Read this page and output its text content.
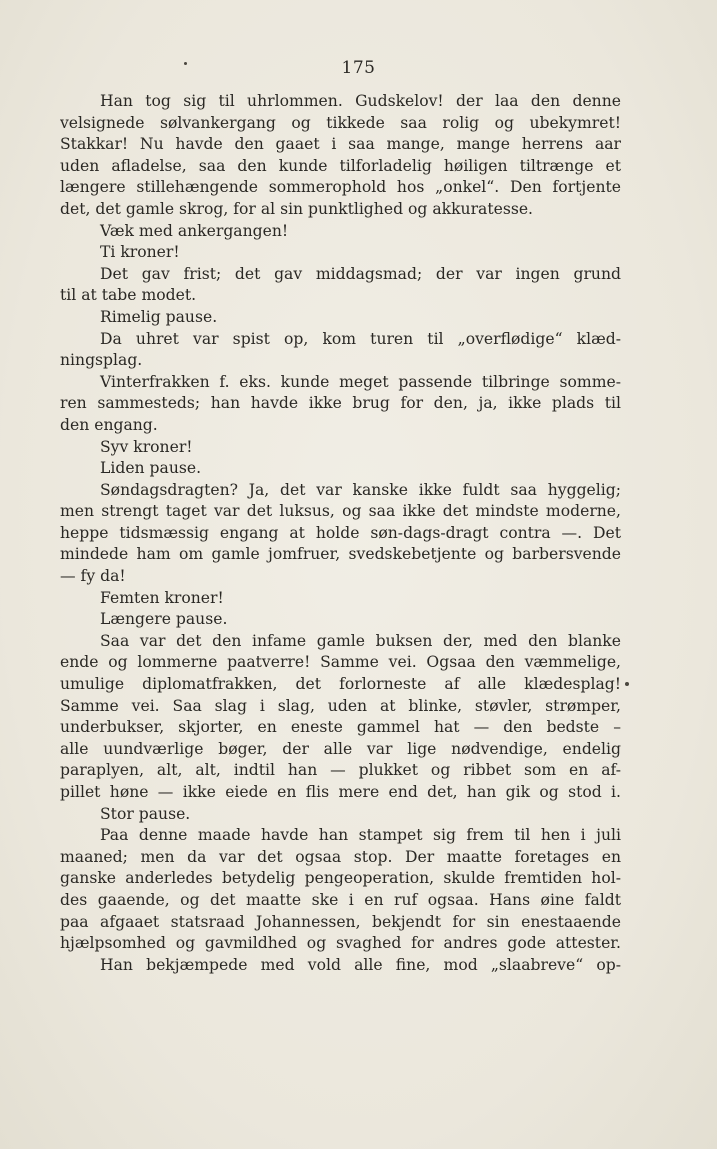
175
Han tog sig til uhrlommen. Gudskelov! der laa den denne
velsignede sølvankergang og tikkede saa rolig og ubekymret!
Stakkar! Nu havde den gaaet i saa mange, mange herrens aar
uden afladelse, saa den kunde tilforladelig høiligen tiltrænge et
længere stillehængende sommerophold hos „onkel“. Den fortjente
det, det gamle skrog, for al sin punktlighed og akkuratesse.
Væk med ankergangen!
Ti kroner!
Det gav frist; det gav middagsmad; der var ingen grund
til at tabe modet.
Rimelig pause.
Da uhret var spist op, kom turen til „overflødige“ klæd-
ningsplag.
Vinterfrakken f. eks. kunde meget passende tilbringe somme-
ren sammesteds; han havde ikke brug for den, ja, ikke plads til
den engang.
Syv kroner!
Liden pause.
Søndagsdragten? Ja, det var kanske ikke fuldt saa hyggelig;
men strengt taget var det luksus, og saa ikke det mindste moderne,
heppe tidsmæssig engang at holde søn-dags-dragt contra —. Det
mindede ham om gamle jomfruer, svedskebetjente og barbersvende
— fy da!
Femten kroner!
Længere pause.
Saa var det den infame gamle buksen der, med den blanke
ende og lommerne paatverre! Samme vei. Ogsaa den væmmelige,
umulige diplomatfrakken, det forlorneste af alle klædesplag!
Samme vei. Saa slag i slag, uden at blinke, støvler, strømper,
underbukser, skjorter, en eneste gammel hat — den bedste –
alle uundværlige bøger, der alle var lige nødvendige, endelig
paraplyen, alt, alt, indtil han — plukket og ribbet som en af-
pillet høne — ikke eiede en flis mere end det, han gik og stod i.
Stor pause.
Paa denne maade havde han stampet sig frem til hen i juli
maaned; men da var det ogsaa stop. Der maatte foretages en
ganske anderledes betydelig pengeoperation, skulde fremtiden hol-
des gaaende, og det maatte ske i en ruf ogsaa. Hans øine faldt
paa afgaaet statsraad Johannessen, bekjendt for sin enestaaende
hjælpsomhed og gavmildhed og svaghed for andres gode attester.
Han bekjæmpede med vold alle fine, mod „slaabreve“ op-
